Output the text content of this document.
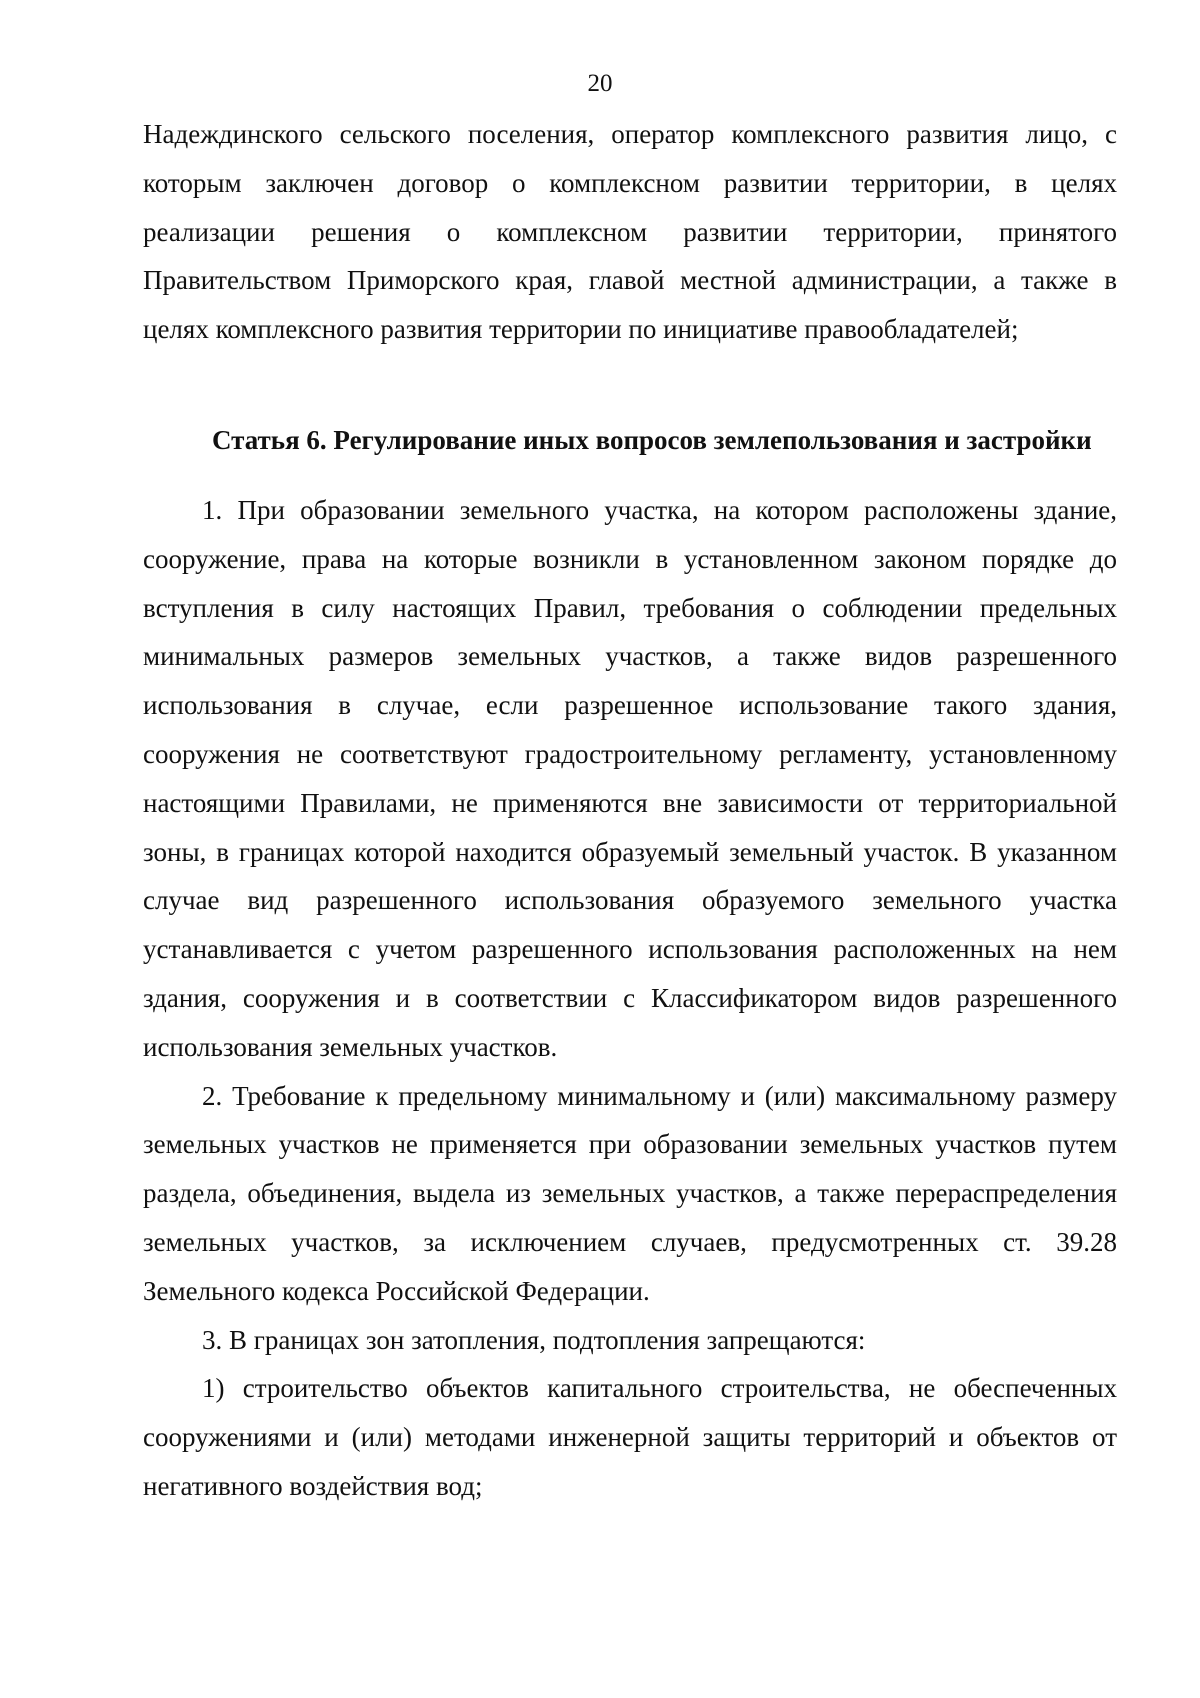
20

Надеждинского сельского поселения, оператор комплексного развития лицо, с которым заключен договор о комплексном развитии территории, в целях реализации решения о комплексном развитии территории, принятого Правительством Приморского края, главой местной администрации, а также в целях комплексного развития территории по инициативе правообладателей;

Статья 6. Регулирование иных вопросов землепользования и застройки

1. При образовании земельного участка, на котором расположены здание, сооружение, права на которые возникли в установленном законом порядке до вступления в силу настоящих Правил, требования о соблюдении предельных минимальных размеров земельных участков, а также видов разрешенного использования в случае, если разрешенное использование такого здания, сооружения не соответствуют градостроительному регламенту, установленному настоящими Правилами, не применяются вне зависимости от территориальной зоны, в границах которой находится образуемый земельный участок. В указанном случае вид разрешенного использования образуемого земельного участка устанавливается с учетом разрешенного использования расположенных на нем здания, сооружения и в соответствии с Классификатором видов разрешенного использования земельных участков.

2. Требование к предельному минимальному и (или) максимальному размеру земельных участков не применяется при образовании земельных участков путем раздела, объединения, выдела из земельных участков, а также перераспределения земельных участков, за исключением случаев, предусмотренных ст. 39.28 Земельного кодекса Российской Федерации.

3. В границах зон затопления, подтопления запрещаются:

1) строительство объектов капитального строительства, не обеспеченных сооружениями и (или) методами инженерной защиты территорий и объектов от негативного воздействия вод;
